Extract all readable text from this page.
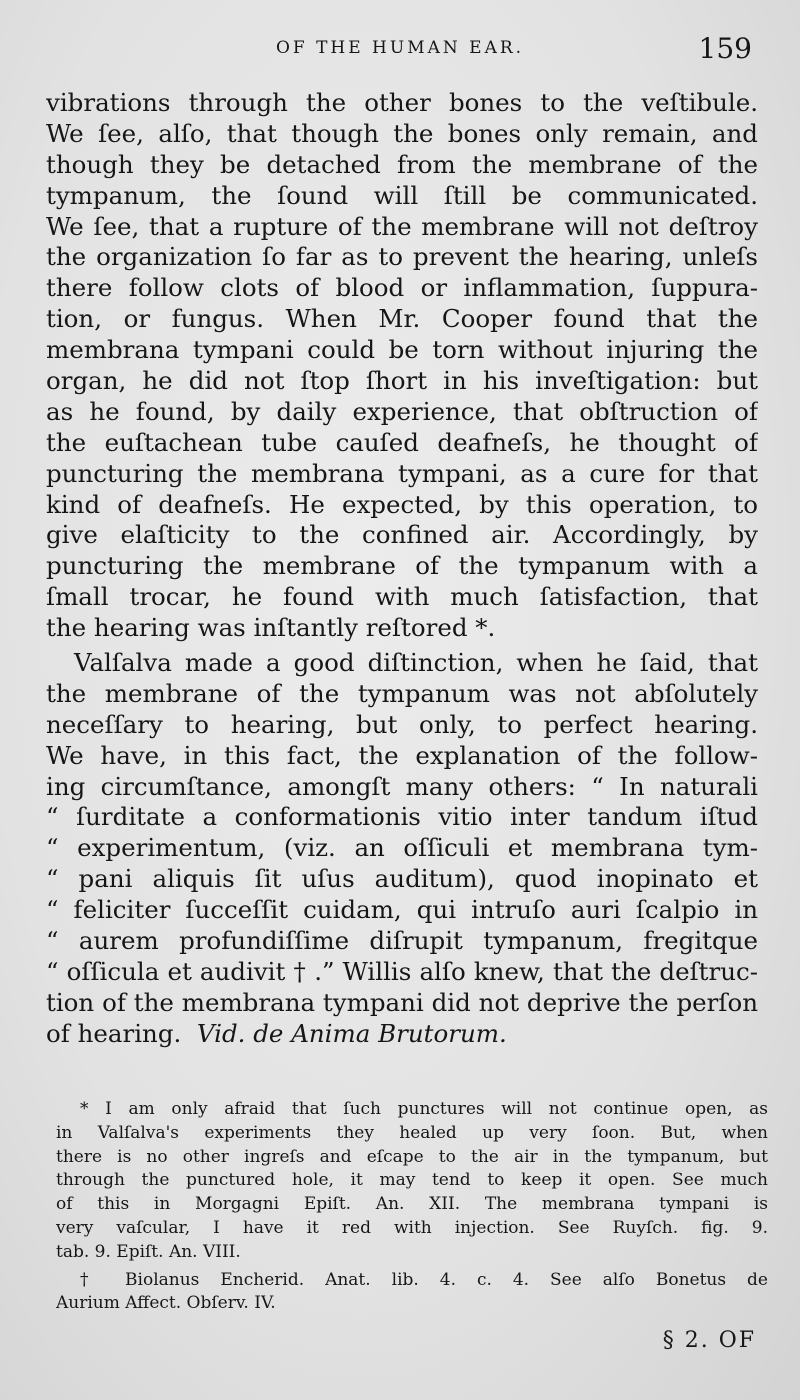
OF THE HUMAN EAR.	159
vibrations through the other bones to the veſtibule.
We ſee, alſo, that though the bones only remain, and
though they be detached from the membrane of the
tympanum, the ſound will ſtill be communicated.
We ſee, that a rupture of the membrane will not deſtroy
the organization ſo far as to prevent the hearing, unleſs
there follow clots of blood or inflammation, ſuppura-
tion, or fungus. When Mr. Cooper found that the
membrana tympani could be torn without injuring the
organ, he did not ſtop ſhort in his inveſtigation: but
as he found, by daily experience, that obſtruction of
the euſtachean tube cauſed deafneſs, he thought of
puncturing the membrana tympani, as a cure for that
kind of deafneſs. He expected, by this operation, to
give elaſticity to the confined air. Accordingly, by
puncturing the membrane of the tympanum with a
ſmall trocar, he found with much ſatisfaction, that
the hearing was inſtantly reſtored *.
Valſalva made a good diſtinction, when he ſaid, that
the membrane of the tympanum was not abſolutely
neceſſary to hearing, but only, to perfect hearing.
We have, in this fact, the explanation of the follow-
ing circumſtance, amongſt many others: “ In naturali
“ ſurditate a conformationis vitio inter tandum iſtud
“ experimentum, (viz. an oſſiculi et membrana tym-
“ pani aliquis ſit uſus auditum), quod inopinato et
“ feliciter ſucceſſit cuidam, qui intruſo auri ſcalpio in
“ aurem profundiſſime diſrupit tympanum, fregitque
“ oſſicula et audivit † .” Willis alſo knew, that the deſtruc-
tion of the membrana tympani did not deprive the perſon
of hearing. Vid. de Anima Brutorum.
* I am only afraid that ſuch punctures will not continue open, as
in Valſalva's experiments they healed up very ſoon. But, when
there is no other ingreſs and eſcape to the air in the tympanum, but
through the punctured hole, it may tend to keep it open. See much
of this in Morgagni Epiſt. An. XII. The membrana tympani is
very vaſcular, I have it red with injection. See Ruyſch. fig. 9.
tab. 9. Epiſt. An. VIII.
† Biolanus Encherid. Anat. lib. 4. c. 4. See alſo Bonetus de
Aurium Affect. Obſerv. IV.
§ 2. OF
